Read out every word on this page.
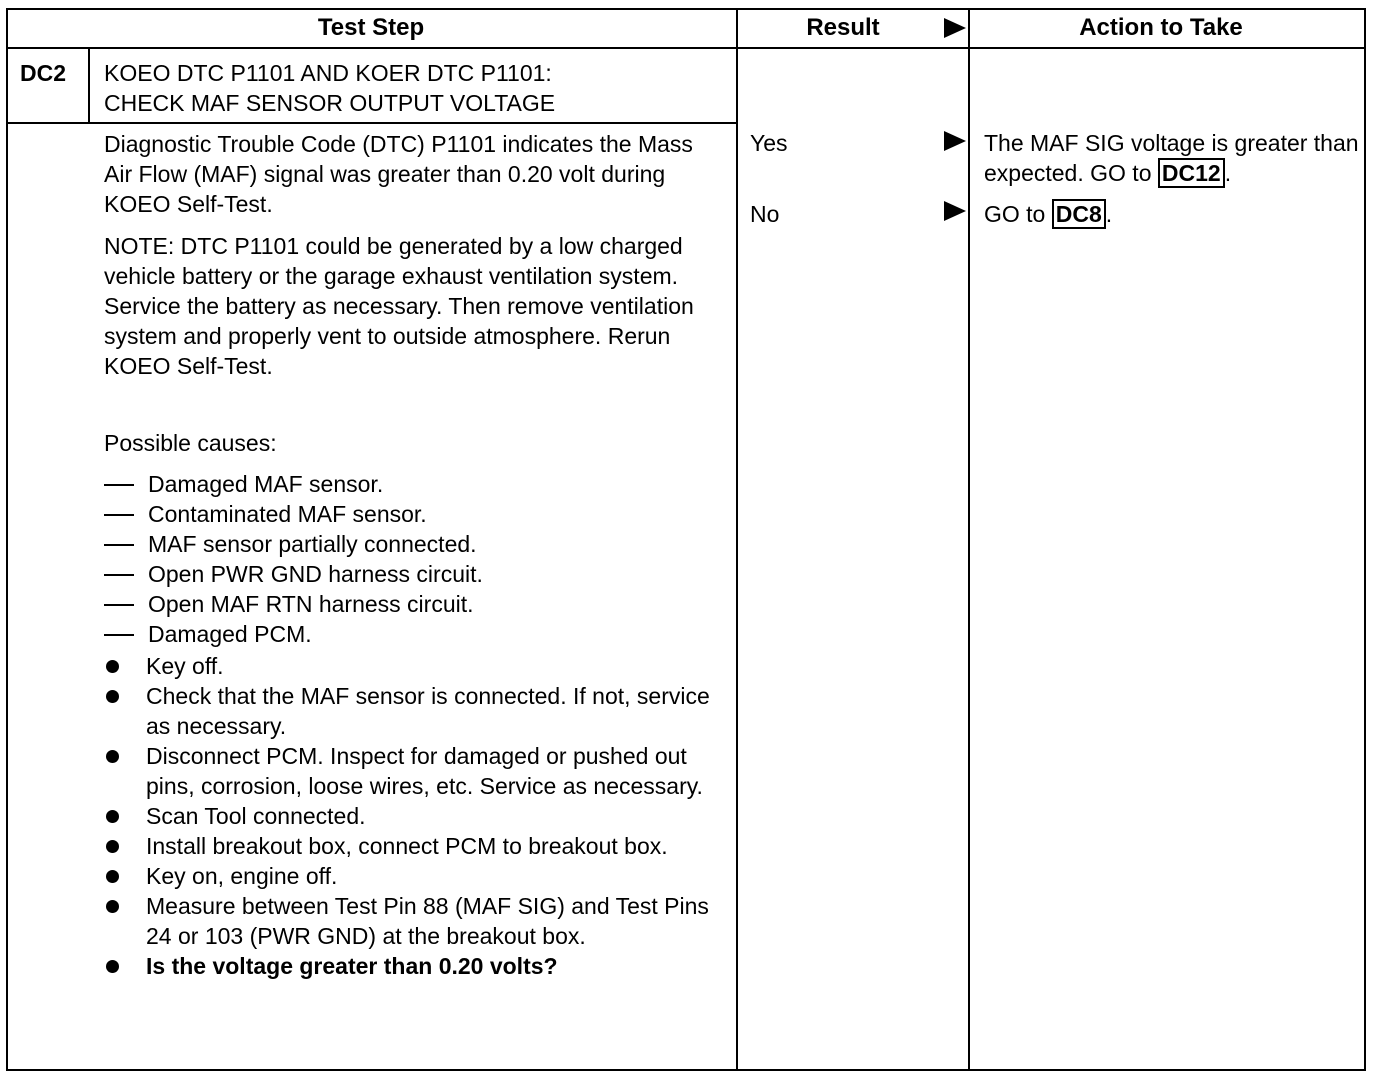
Test Step	Result	Action to Take
DC2 KOEO DTC P1101 AND KOER DTC P1101:
CHECK MAF SENSOR OUTPUT VOLTAGE

Diagnostic Trouble Code (DTC) P1101 indicates the Mass Air Flow (MAF) signal was greater than 0.20 volt during KOEO Self-Test.

NOTE: DTC P1101 could be generated by a low charged vehicle battery or the garage exhaust ventilation system. Service the battery as necessary. Then remove ventilation system and properly vent to outside atmosphere. Rerun KOEO Self-Test.

Possible causes:

Damaged MAF sensor.
Contaminated MAF sensor.
MAF sensor partially connected.
Open PWR GND harness circuit.
Open MAF RTN harness circuit.
Damaged PCM.
Key off.
Check that the MAF sensor is connected. If not, service as necessary.
Disconnect PCM. Inspect for damaged or pushed out pins, corrosion, loose wires, etc. Service as necessary.
Scan Tool connected.
Install breakout box, connect PCM to breakout box.
Key on, engine off.
Measure between Test Pin 88 (MAF SIG) and Test Pins 24 or 103 (PWR GND) at the breakout box.
Is the voltage greater than 0.20 volts?
Yes
No
The MAF SIG voltage is greater than expected. GO to DC12 .
GO to DC8 .
